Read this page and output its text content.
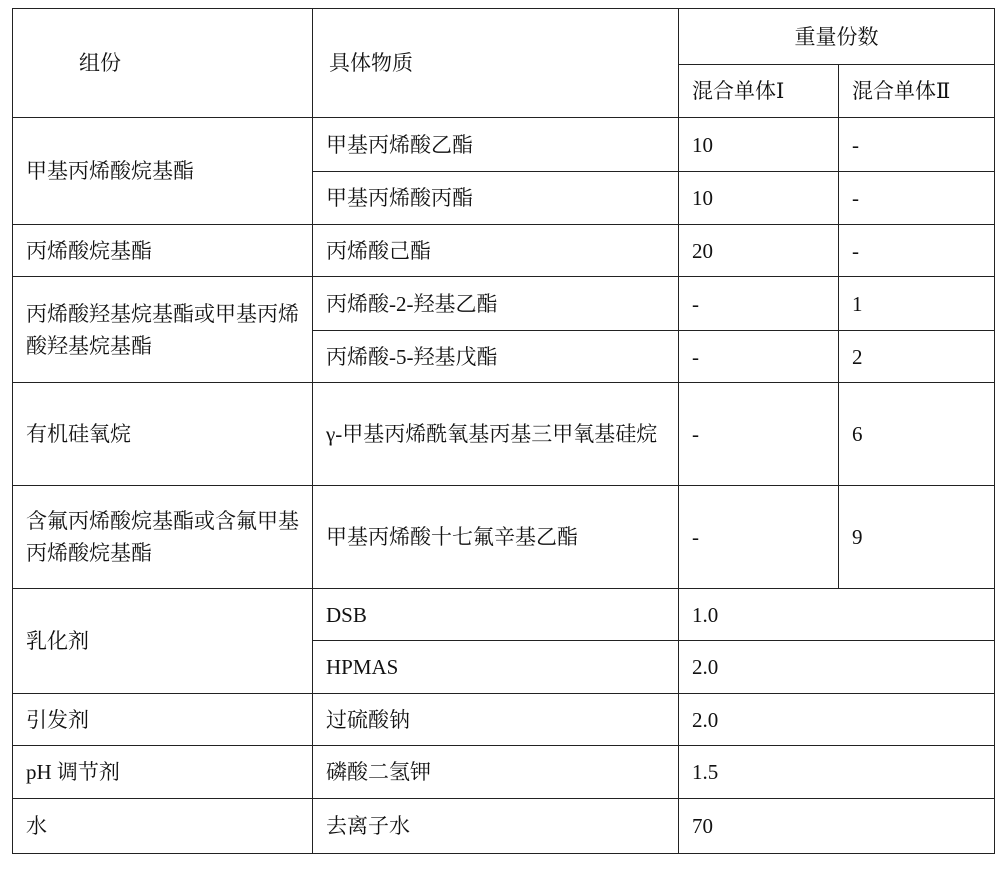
组份	具体物质	重量份数	
		混合单体Ⅰ	混合单体Ⅱ
甲基丙烯酸烷基酯	甲基丙烯酸乙酯	10	-
	甲基丙烯酸丙酯	10	-
丙烯酸烷基酯	丙烯酸己酯	20	-
丙烯酸羟基烷基酯或甲基丙烯酸羟基烷基酯	丙烯酸-2-羟基乙酯	-	1
	丙烯酸-5-羟基戊酯	-	2
有机硅氧烷	γ-甲基丙烯酰氧基丙基三甲氧基硅烷	-	6
含氟丙烯酸烷基酯或含氟甲基丙烯酸烷基酯	甲基丙烯酸十七氟辛基乙酯	-	9
乳化剂	DSB	1.0	
	HPMAS	2.0	
引发剂	过硫酸钠	2.0	
pH 调节剂	磷酸二氢钾	1.5	
水	去离子水	70	
